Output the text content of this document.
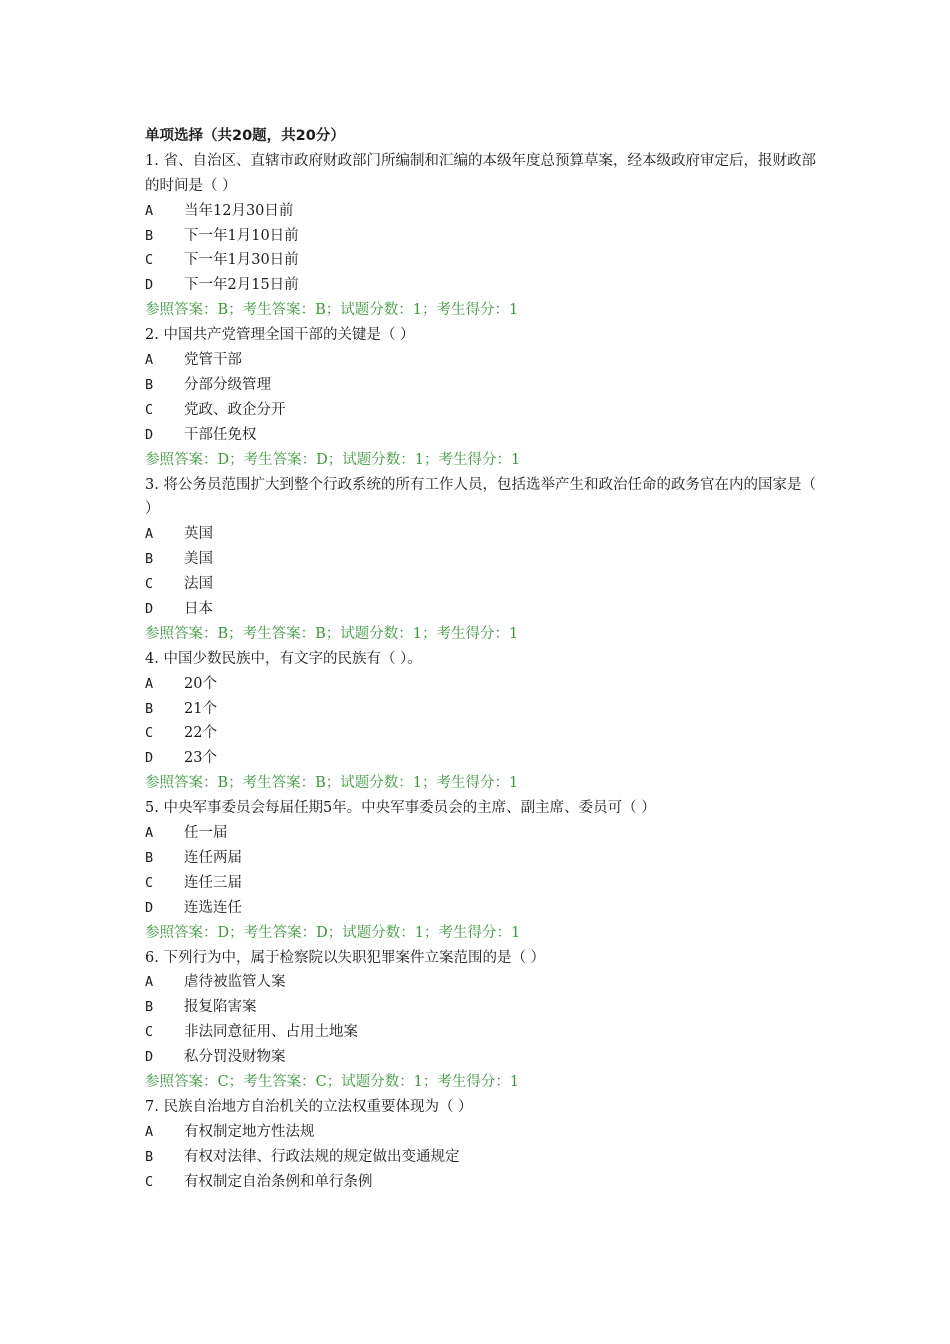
单项选择（共20题，共20分）
1. 省、自治区、直辖市政府财政部门所编制和汇编的本级年度总预算草案，经本级政府审定后，报财政部的时间是（ ）
A 当年12月30日前
B 下一年1月10日前
C 下一年1月30日前
D 下一年2月15日前
参照答案：B；考生答案：B；试题分数：1；考生得分：1
2. 中国共产党管理全国干部的关键是（ ）
A 党管干部
B 分部分级管理
C 党政、政企分开
D 干部任免权
参照答案：D；考生答案：D；试题分数：1；考生得分：1
3. 将公务员范围扩大到整个行政系统的所有工作人员，包括选举产生和政治任命的政务官在内的国家是（ ）
A 英国
B 美国
C 法国
D 日本
参照答案：B；考生答案：B；试题分数：1；考生得分：1
4. 中国少数民族中，有文字的民族有（ ）。
A 20个
B 21个
C 22个
D 23个
参照答案：B；考生答案：B；试题分数：1；考生得分：1
5. 中央军事委员会每届任期5年。中央军事委员会的主席、副主席、委员可（ ）
A 任一届
B 连任两届
C 连任三届
D 连选连任
参照答案：D；考生答案：D；试题分数：1；考生得分：1
6. 下列行为中，属于检察院以失职犯罪案件立案范围的是（ ）
A 虐待被监管人案
B 报复陷害案
C 非法同意征用、占用土地案
D 私分罚没财物案
参照答案：C；考生答案：C；试题分数：1；考生得分：1
7. 民族自治地方自治机关的立法权重要体现为（ ）
A 有权制定地方性法规
B 有权对法律、行政法规的规定做出变通规定
C 有权制定自治条例和单行条例
